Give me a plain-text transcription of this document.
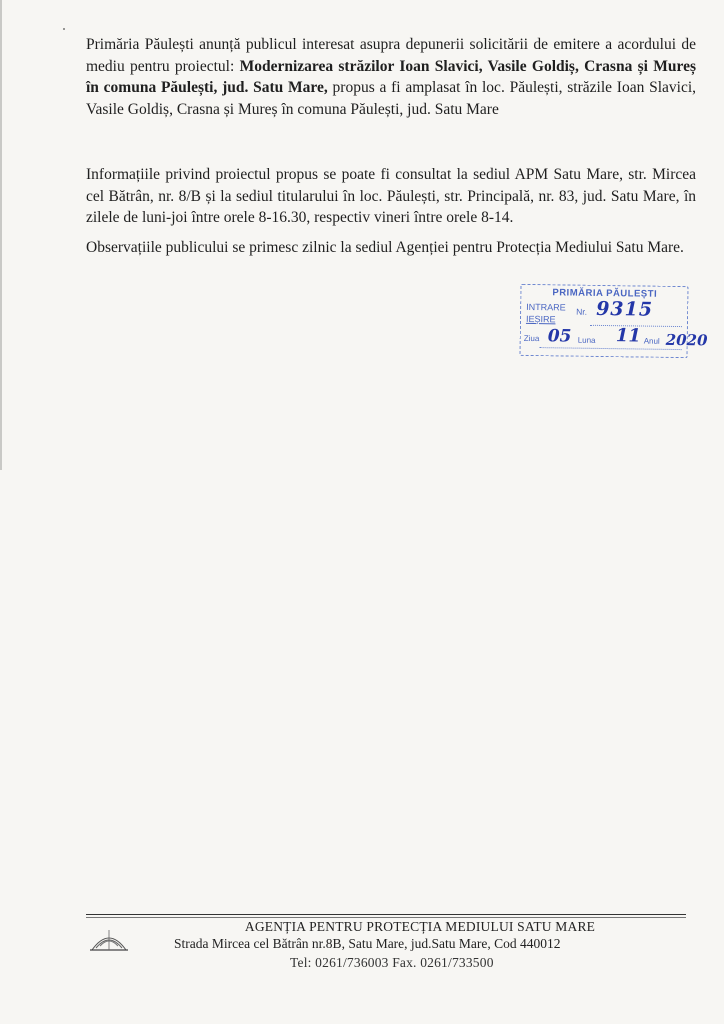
Primăria Păulești anunță publicul interesat asupra depunerii solicitării de emitere a acordului de mediu pentru proiectul: Modernizarea străzilor Ioan Slavici, Vasile Goldiș, Crasna și Mureș în comuna Păulești, jud. Satu Mare, propus a fi amplasat în loc. Păulești, străzile Ioan Slavici, Vasile Goldiș, Crasna și Mureș în comuna Păulești, jud. Satu Mare

Informațiile privind proiectul propus se poate fi consultat la sediul APM Satu Mare, str. Mircea cel Bătrân, nr. 8/B și la sediul titularului în loc. Păulești, str. Principală, nr. 83, jud. Satu Mare, în zilele de luni-joi între orele 8-16.30, respectiv vineri între orele 8-14.

Observațiile publicului se primesc zilnic la sediul Agenției pentru Protecția Mediului Satu Mare.

PRIMĂRIA PĂULEȘTI
INTRARE
IEȘIRE
Nr. 9315
Ziua 05 Luna 11 Anul 2020
AGENȚIA PENTRU PROTECȚIA MEDIULUI SATU MARE
Strada Mircea cel Bătrân nr.8B, Satu Mare, jud.Satu Mare, Cod 440012
Tel: 0261/736003 Fax. 0261/733500
